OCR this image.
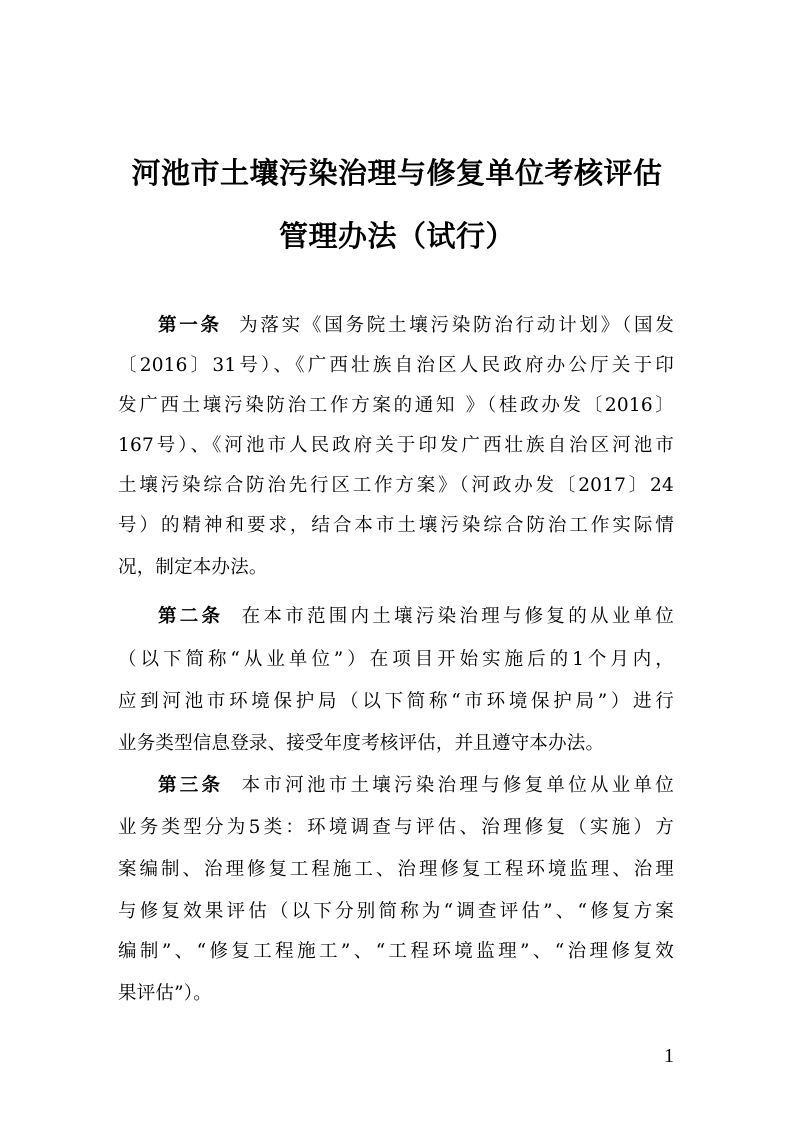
河池市土壤污染治理与修复单位考核评估
管理办法（试行）
第一条 为落实《国务院土壤污染防治行动计划》（国发
〔2016〕31号）、《广西壮族自治区人民政府办公厅关于印
发广西土壤污染防治工作方案的通知 》（桂政办发〔2016〕
167号）、《河池市人民政府关于印发广西壮族自治区河池市
土壤污染综合防治先行区工作方案》（河政办发〔2017〕24
号）的精神和要求，结合本市土壤污染综合防治工作实际情
况，制定本办法。
第二条 在本市范围内土壤污染治理与修复的从业单位
（以下简称“从业单位”）在项目开始实施后的1个月内，
应到河池市环境保护局（以下简称“市环境保护局”）进行
业务类型信息登录、接受年度考核评估，并且遵守本办法。
第三条 本市河池市土壤污染治理与修复单位从业单位
业务类型分为5类：环境调查与评估、治理修复（实施）方
案编制、治理修复工程施工、治理修复工程环境监理、治理
与修复效果评估（以下分别简称为“调查评估”、“修复方案
编制”、“修复工程施工”、“工程环境监理”、“治理修复效
果评估”）。
1
